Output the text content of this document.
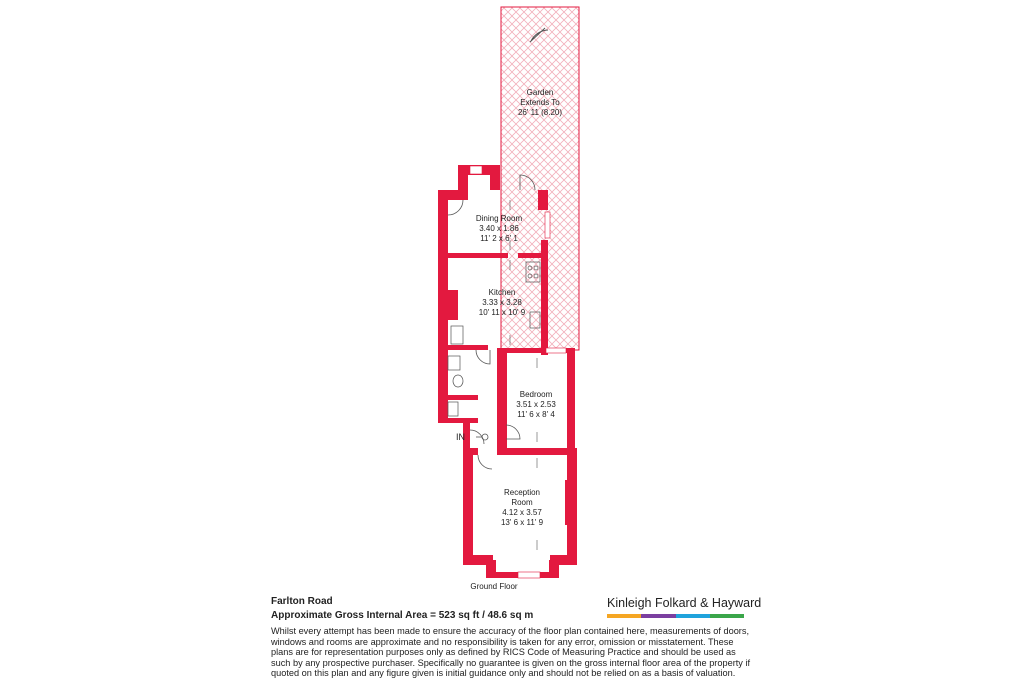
Garden
Extends To
26' 11 (8.20)
Dining Room
3.40 x 1.86
11' 2 x 6' 1
Kitchen
3.33 x 3.28
10' 11 x 10' 9
Bedroom
3.51 x 2.53
11' 6 x 8' 4
Reception
Room
4.12 x 3.57
13' 6 x 11' 9
IN
Ground Floor
Farlton Road
Approximate Gross Internal Area = 523 sq ft / 48.6 sq m
Whilst every attempt has been made to ensure the accuracy of the floor plan contained here, measurements of doors, windows and rooms are approximate and no responsibility is taken for any error, omission or misstatement. These plans are for representation purposes only as defined by RICS Code of Measuring Practice and should be used as such by any prospective purchaser. Specifically no guarantee is given on the gross internal floor area of the property if quoted on this plan and any figure given is initial guidance only and should not be relied on as a basis of valuation.
Kinleigh Folkard & Hayward
